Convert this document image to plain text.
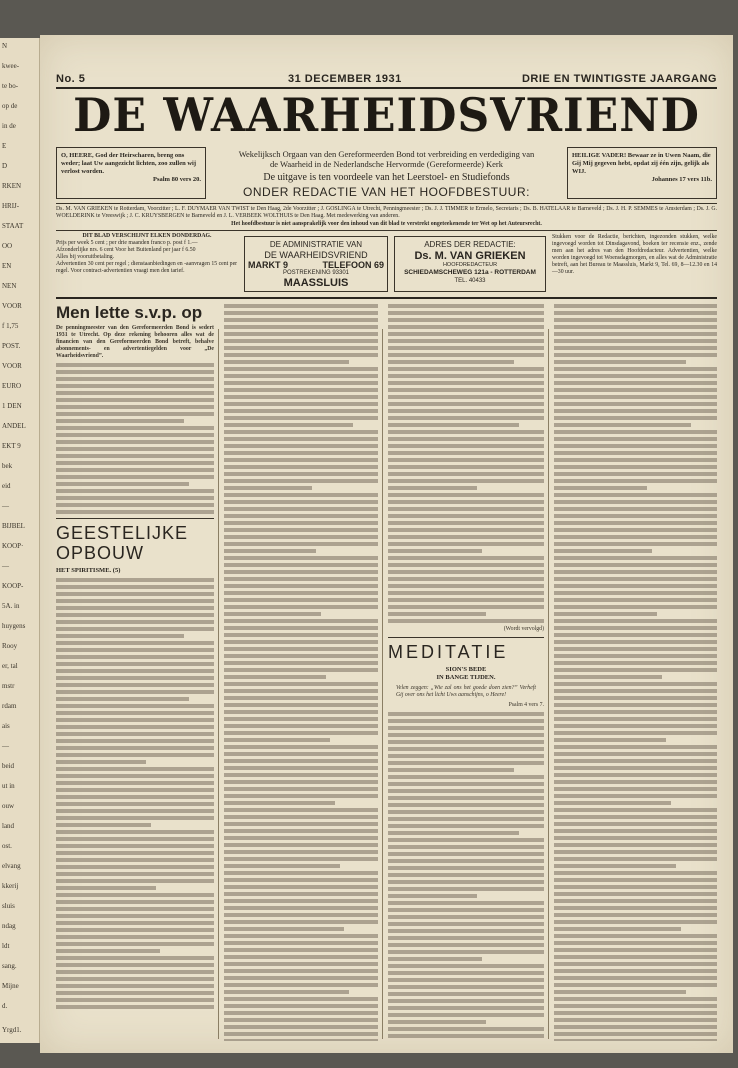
N
kwee-
te bo-
op de
in de
E
D
RKEN
HRIJ-
STAAT
OO
EN
NEN
VOOR
f 1,75
POST.
VOOR
EURO
1 DEN
ANDEL
EKT 9
bek
eid
—
BIJBEL
KOOP·
—
KOOP-
5A. in
huygens
Rooy
er, tal
mstr
rdam
ais
—
beid
ut in
ouw
land
ost.
elvang
kkerij
sluis
ndag
ldt
sang.
Mijne
d.
Yrgd1.
No. 5	31 DECEMBER 1931	DRIE EN TWINTIGSTE JAARGANG
DE WAARHEIDSVRIEND
O, HEERE, God der Heirscharen, breng ons weder; laat Uw aangezicht lichten, zoo zullen wij verlost worden.
Psalm 80 vers 20.
HEILIGE VADER! Bewaar ze in Uwen Naam, die Gij Mij gegeven hebt, opdat zij één zijn, gelijk als WIJ.
Johannes 17 vers 11b.
Wekelijksch Orgaan van den Gereformeerden Bond tot verbreiding en verdediging van
de Waarheid in de Nederlandsche Hervormde (Gereformeerde) Kerk
De uitgave is ten voordeele van het Leerstoel- en Studiefonds
ONDER REDACTIE VAN HET HOOFDBESTUUR:
Ds. M. VAN GRIEKEN te Rotterdam, Voorzitter ; L. F. DUYMAER VAN TWIST te Den Haag, 2de Voorzitter ; J. GOSLINGA te Utrecht, Penningmeester ; Ds. J. J. TIMMER te Ermelo, Secretaris ; Ds. B. HATELAAR te Barneveld ; Ds. J. H. P. SEMMES te Amsterdam ; Ds. J. G. WOELDERINK te Vreeswijk ; J. C. KRUYSBERGEN te Barneveld en J. L. VERBEEK WOLTHUIS te Den Haag. Met medewerking van anderen.
Het hoofdbestuur is niet aansprakelijk voor den inhoud van dit blad te verstrekt ongeteekenende ter Wet op het Auteursrecht.
DIT BLAD VERSCHIJNT ELKEN DONDERDAG.
Prijs per week 5 cent ; per drie maanden franco p. post f 1.—
Afzonderlijke nrs. 6 cent Voor het Buitenland per jaar f 6.50
Alles bij vooruitbetaling.
Advertentien 30 cent per regel ; dienstaanbiedingen en -aanvragen 15 cent per regel. Voor contract-advertentien vraagt men den tarief.
DE ADMINISTRATIE VAN
DE WAARHEIDSVRIEND
MARKT 9	TELEFOON 69
POSTREKENING 93301
MAASSLUIS
ADRES DER REDACTIE:
Ds. M. VAN GRIEKEN
HOOFDREDACTEUR
SCHIEDAMSCHEWEG 121a - ROTTERDAM
TEL. 40433
Stukken voor de Redactie, berichten, ingezonden stukken, welke ingevoegd worden tot Dinsdagavond, boeken ter recensie enz., zende men aan het adres van den Hoofdredacteur. Advertentien, welke worden ingevoegd tot Woensdagmorgen, en alles wat de Administratie betreft, aan het Bureau te Maassluis, Markt 9, Tel. 69, 8—12.30 en 14—30 uur.
Men lette s.v.p. op
De penningmeester van den Gereformeerden Bond is sedert 1931 te Utrecht. Op deze rekening behooren alles wat de financien van den Gereformeerden Bond betreft, behalve abonnements- en advertentiegelden voor „De Waarheidsvriend”.
GEESTELIJKE
OPBOUW
HET SPIRITISME. (5)
(Wordt vervolgd)
MEDITATIE
SION'S BEDE
IN BANGE TIJDEN.
Velen zeggen: „Wie zal ons het goede doen zien?” Verheft Gij over ons het licht Uws aanschijns, o Heere!
Psalm 4 vers 7.
